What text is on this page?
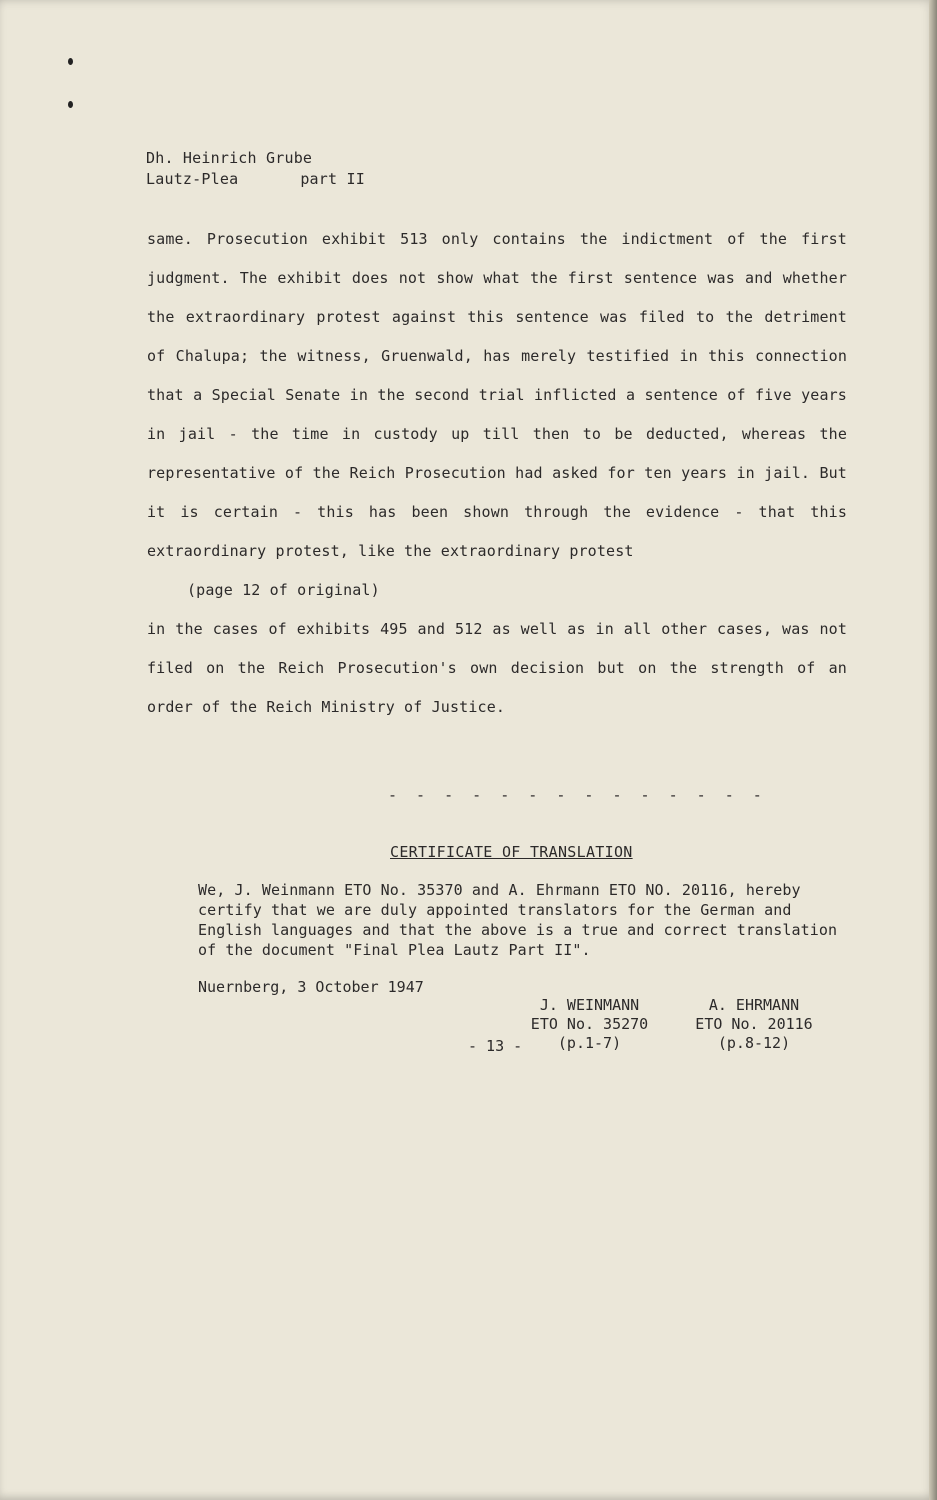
Dh. Heinrich Grube
Lautz-Plea	part II

same. Prosecution exhibit 513 only contains the indictment of the first judgment. The exhibit does not show what the first sentence was and whether the extraordinary protest against this sentence was filed to the detriment of Chalupa; the witness, Gruenwald, has merely testified in this connection that a Special Senate in the second trial inflicted a sentence of five years in jail - the time in custody up till then to be deducted, whereas the representative of the Reich Prosecution had asked for ten years in jail. But it is certain - this has been shown through the evidence - that this extraordinary protest, like the extraordinary protest

(page 12 of original)

in the cases of exhibits 495 and 512 as well as in all other cases, was not filed on the Reich Prosecution's own decision but on the strength of an order of the Reich Ministry of Justice.

- - - - - - - - - - - - - -
CERTIFICATE OF TRANSLATION
We, J. Weinmann ETO No. 35370 and A. Ehrmann ETO NO. 20116, hereby certify that we are duly appointed translators for the German and English languages and that the above is a true and correct translation of the document "Final Plea Lautz Part II".
Nuernberg, 3 October 1947
J. WEINMANN
ETO No. 35270
(p.1-7)
A. EHRMANN
ETO No. 20116
(p.8-12)
- 13 -
